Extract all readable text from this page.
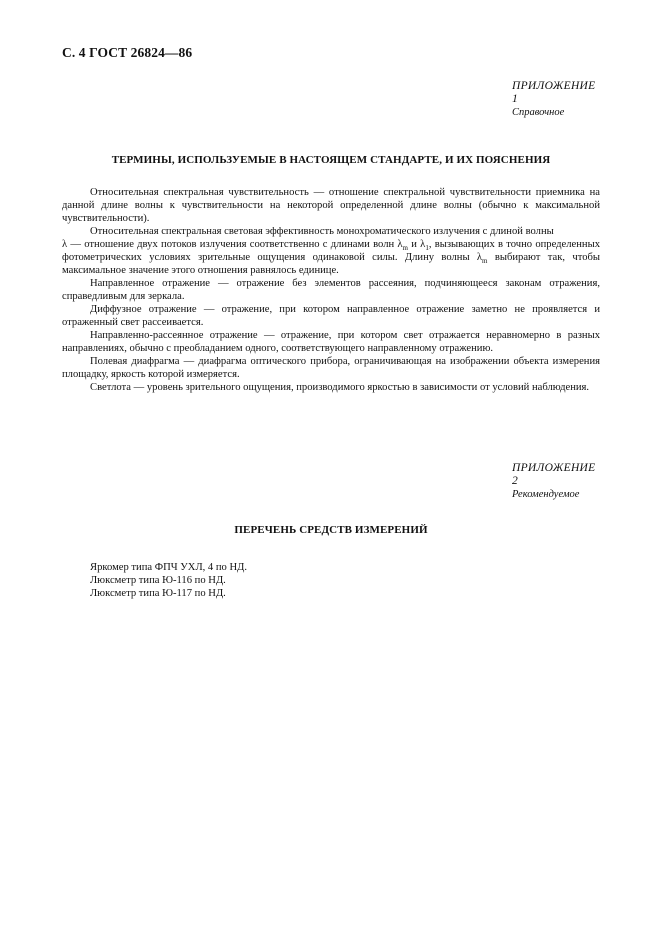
С. 4 ГОСТ 26824—86
ПРИЛОЖЕНИЕ 1
Справочное
ТЕРМИНЫ, ИСПОЛЬЗУЕМЫЕ В НАСТОЯЩЕМ СТАНДАРТЕ, И ИХ ПОЯСНЕНИЯ

Относительная спектральная чувствительность — отношение спектральной чувствительности приемника на данной длине волны к чувствительности на некоторой определенной длине волны (обычно к максимальной чувствительности).

Относительная спектральная световая эффективность монохроматического излучения с длиной волны

λ — отношение двух потоков излучения соответственно с длинами волн $\lambda_m$ и $\lambda_1$, вызывающих в точно определенных фотометрических условиях зрительные ощущения одинаковой силы. Длину волны $\lambda_m$ выбирают так, чтобы максимальное значение этого отношения равнялось единице.

Направленное отражение — отражение без элементов рассеяния, подчиняющееся законам отражения, справедливым для зеркала.

Диффузное отражение — отражение, при котором направленное отражение заметно не проявляется и отраженный свет рассеивается.

Направленно-рассеянное отражение — отражение, при котором свет отражается неравномерно в разных направлениях, обычно с преобладанием одного, соответствующего направленному отражению.

Полевая диафрагма — диафрагма оптического прибора, ограничивающая на изображении объекта измерения площадку, яркость которой измеряется.

Светлота — уровень зрительного ощущения, производимого яркостью в зависимости от условий наблюдения.

ПРИЛОЖЕНИЕ 2
Рекомендуемое
ПЕРЕЧЕНЬ СРЕДСТВ ИЗМЕРЕНИЙ
Яркомер типа ФПЧ УХЛ, 4 по НД.
Люксметр типа Ю-116 по НД.
Люксметр типа Ю-117 по НД.
